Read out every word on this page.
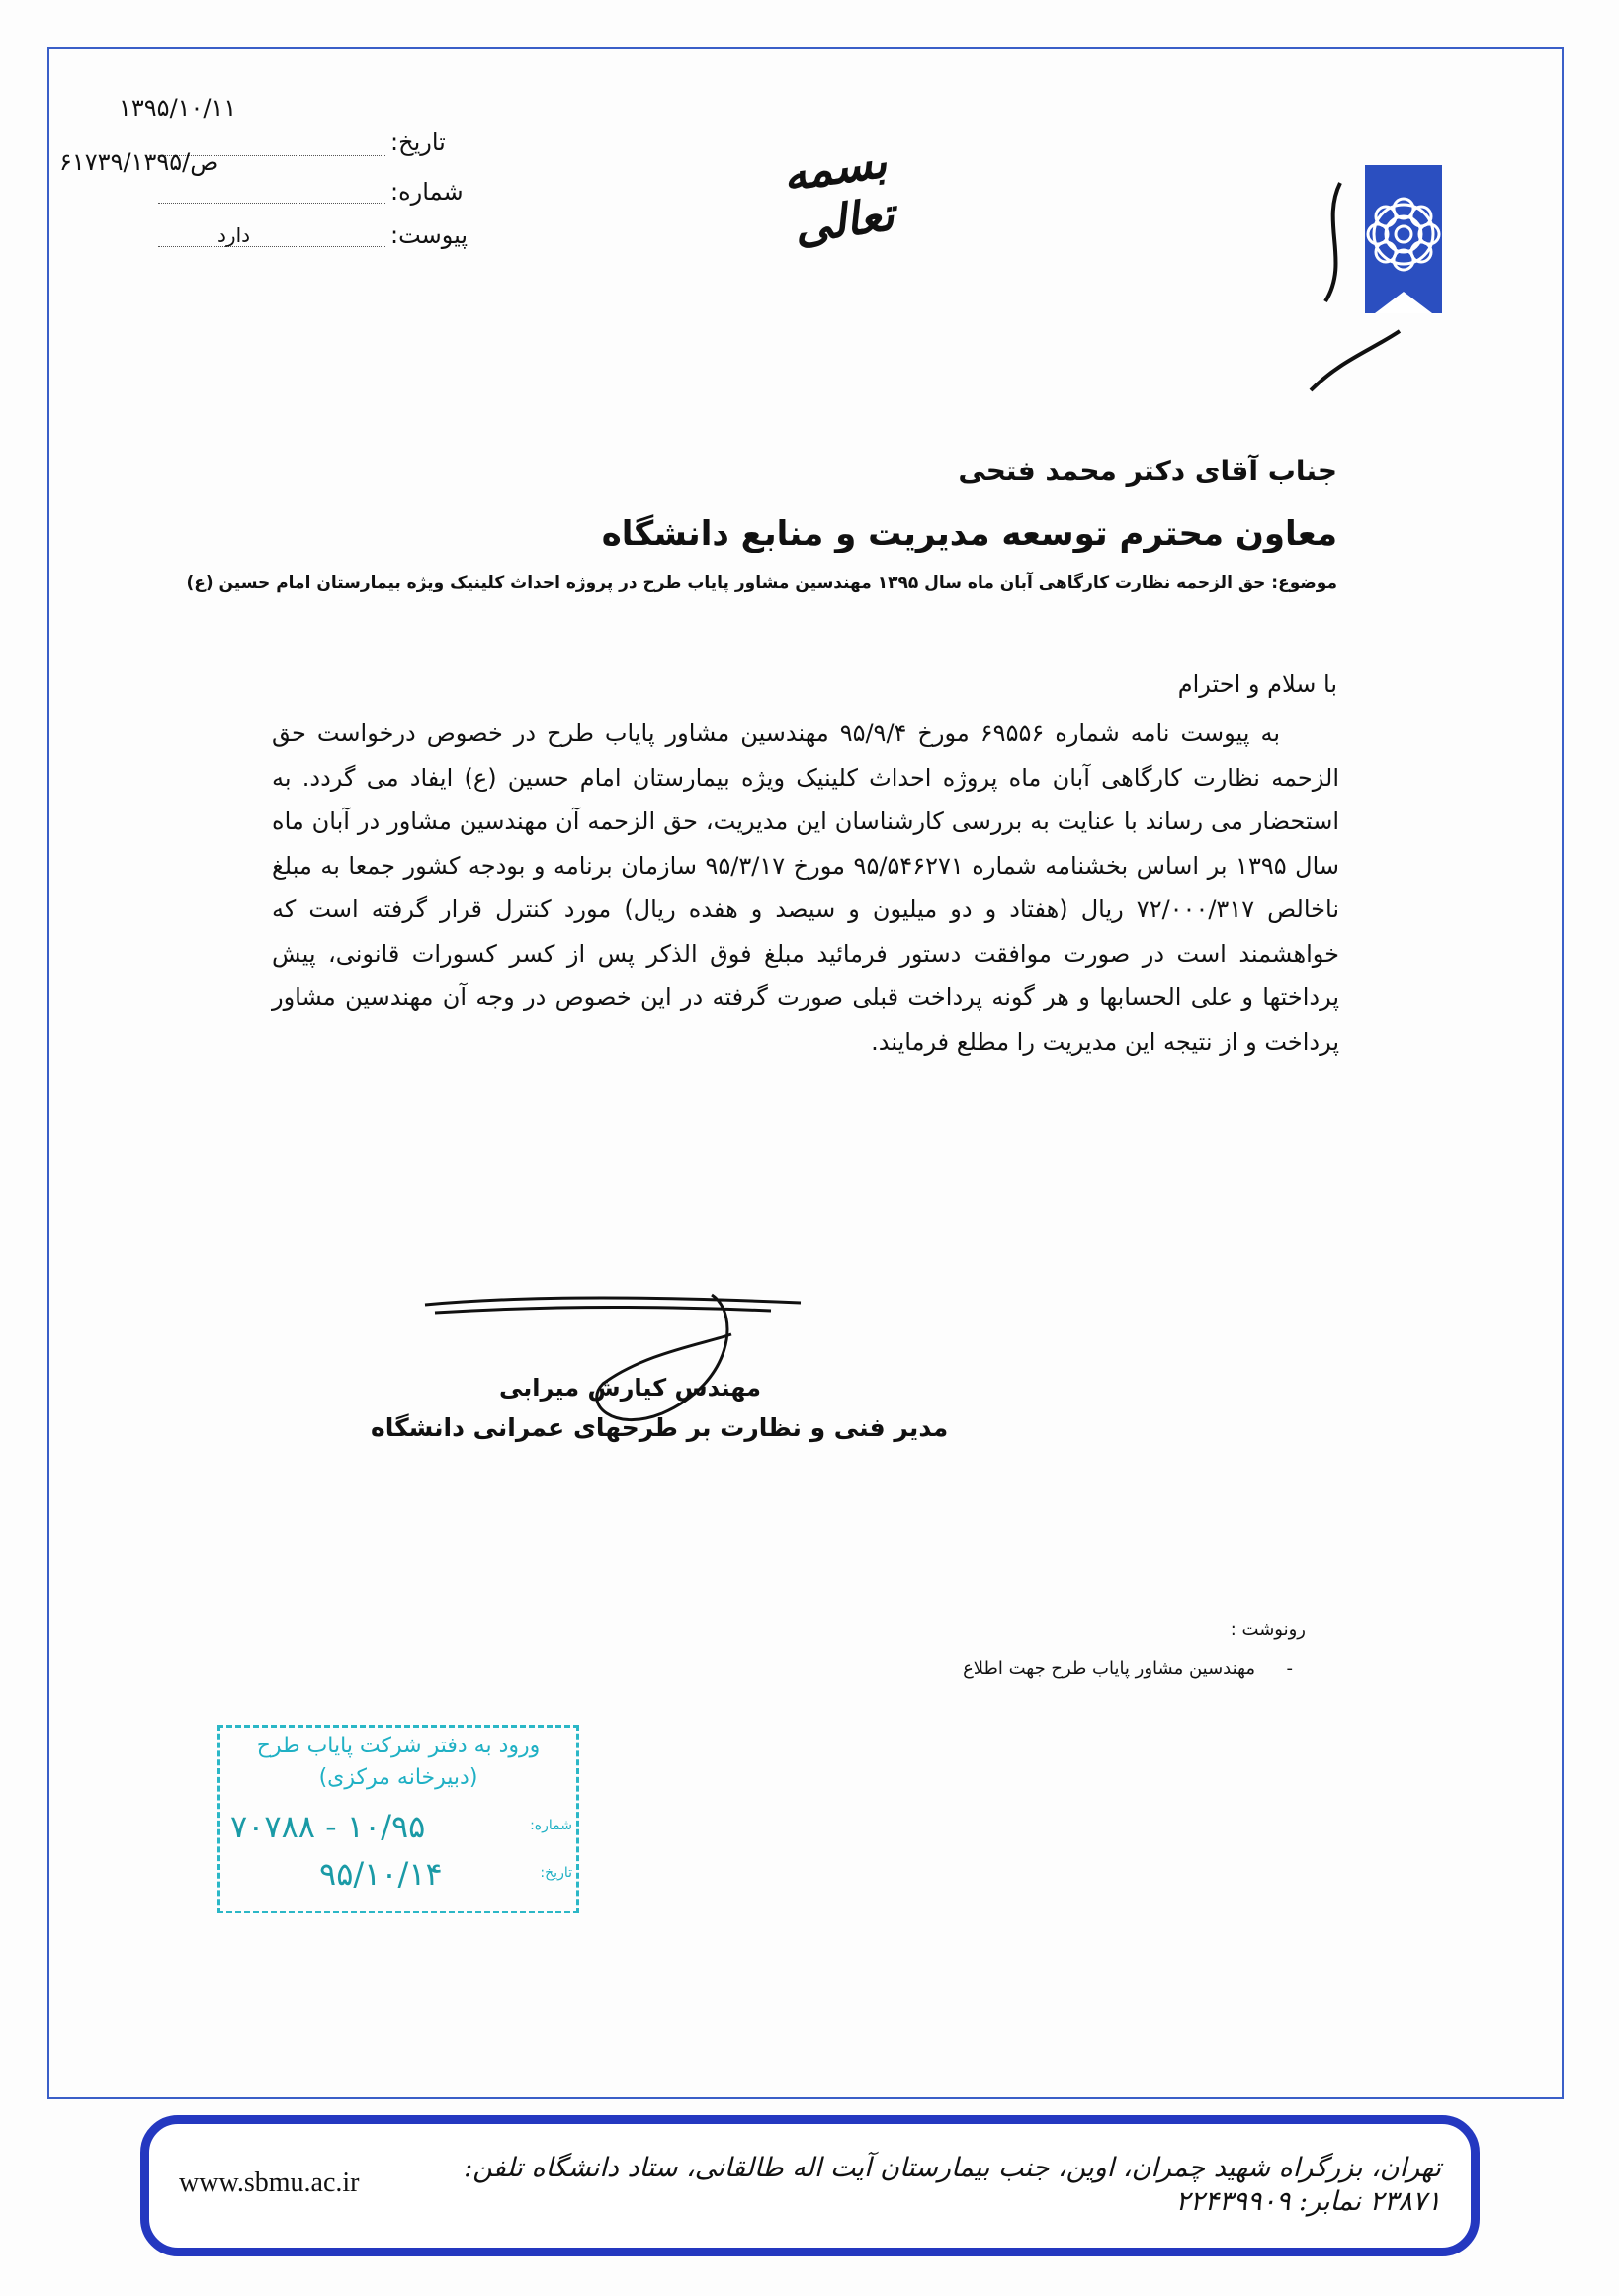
۱۳۹۵/۱۰/۱۱
تاریخ:
۶۱۷۳۹/ص/۱۳۹۵
شماره:
پیوست:
دارد
بسمه تعالی
جناب آقای دکتر محمد فتحی
معاون محترم توسعه مدیریت و منابع دانشگاه
موضوع: حق الزحمه نظارت کارگاهی آبان ماه سال ۱۳۹۵ مهندسین مشاور پایاب طرح در پروژه احداث کلینیک ویژه بیمارستان امام حسین (ع)
با سلام و احترام
به پیوست نامه شماره ۶۹۵۵۶ مورخ ۹۵/۹/۴ مهندسین مشاور پایاب طرح در خصوص درخواست حق الزحمه نظارت کارگاهی آبان ماه پروژه احداث کلینیک ویژه بیمارستان امام حسین (ع) ایفاد می گردد. به استحضار می رساند با عنایت به بررسی کارشناسان این مدیریت، حق الزحمه آن مهندسین مشاور در آبان ماه سال ۱۳۹۵ بر اساس بخشنامه شماره ۹۵/۵۴۶۲۷۱ مورخ ۹۵/۳/۱۷ سازمان برنامه و بودجه کشور جمعا به مبلغ ناخالص ۷۲/۰۰۰/۳۱۷ ریال (هفتاد و دو میلیون و سیصد و هفده ریال) مورد کنترل قرار گرفته است که خواهشمند است در صورت موافقت دستور فرمائید مبلغ فوق الذکر پس از کسر کسورات قانونی، پیش پرداختها و علی الحسابها و هر گونه پرداخت قبلی صورت گرفته در این خصوص در وجه آن مهندسین مشاور پرداخت و از نتیجه این مدیریت را مطلع فرمایند.
مهندس کیارش میرابی
مدیر فنی و نظارت بر طرحهای عمرانی دانشگاه
رونوشت :
-
مهندسین مشاور پایاب طرح جهت اطلاع
ورود به دفتر شرکت پایاب طرح
(دبیرخانه مرکزی)
شماره:
۷۰۷۸۸ - ۱۰/۹۵
تاریخ:
۹۵/۱۰/۱۴
تهران، بزرگراه شهید چمران، اوین، جنب بیمارستان آیت اله طالقانی، ستاد دانشگاه تلفن: ۲۳۸۷۱ نمابر: ۲۲۴۳۹۹۰۹
www.sbmu.ac.ir
